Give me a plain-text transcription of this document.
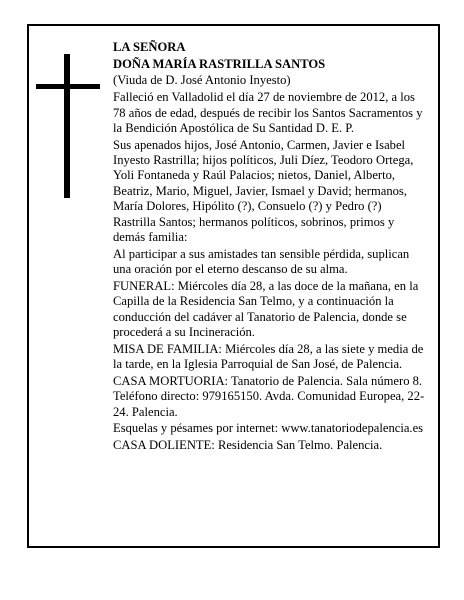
LA SEÑORA

DOÑA MARÍA RASTRILLA SANTOS

(Viuda de D. José Antonio Inyesto)

Falleció en Valladolid el día 27 de noviembre de 2012, a los 78 años de edad, después de recibir los Santos Sacramentos y la Bendición Apostólica de Su Santidad D. E. P.

Sus apenados hijos, José Antonio, Carmen, Javier e Isabel Inyesto Rastrilla; hijos políticos, Juli Díez, Teodoro Ortega, Yoli Fontaneda y Raúl Palacios; nietos, Daniel, Alberto, Beatriz, Mario, Miguel, Javier, Ismael y David; hermanos, María Dolores, Hipólito (?), Consuelo (?) y Pedro (?) Rastrilla Santos; hermanos políticos, sobrinos, primos y demás familia:

Al participar a sus amistades tan sensible pérdida, suplican una oración por el eterno descanso de su alma.

FUNERAL: Miércoles día 28, a las doce de la mañana, en la Capilla de la Residencia San Telmo, y a continuación la conducción del cadáver al Tanatorio de Palencia, donde se procederá a su Incineración.

MISA DE FAMILIA: Miércoles día 28, a las siete y media de la tarde, en la Iglesia Parroquial de San José, de Palencia.

CASA MORTUORIA: Tanatorio de Palencia. Sala número 8. Teléfono directo: 979165150. Avda. Comunidad Europea, 22-24. Palencia.

Esquelas y pésames por internet: www.tanatoriodepalencia.es

CASA DOLIENTE: Residencia San Telmo. Palencia.
